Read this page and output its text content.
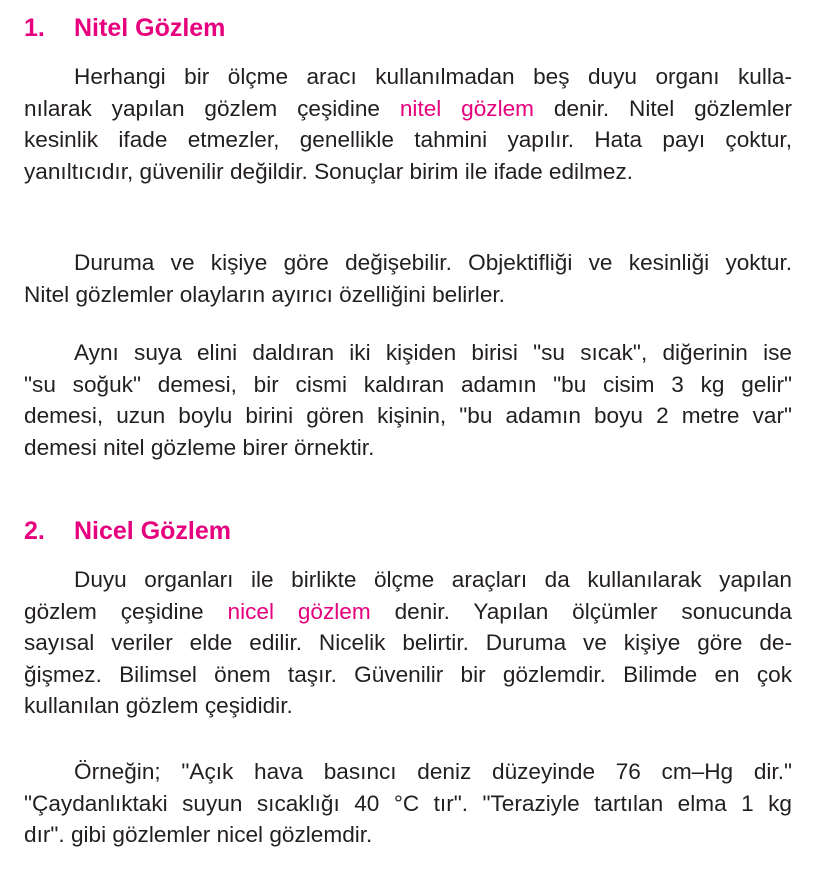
1. Nitel Gözlem
Herhangi bir ölçme aracı kullanılmadan beş duyu organı kulla-
nılarak yapılan gözlem çeşidine nitel gözlem denir. Nitel gözlemler
kesinlik ifade etmezler, genellikle tahmini yapılır. Hata payı çoktur,
yanıltıcıdır, güvenilir değildir. Sonuçlar birim ile ifade edilmez.
Duruma ve kişiye göre değişebilir. Objektifliği ve kesinliği yoktur.
Nitel gözlemler olayların ayırıcı özelliğini belirler.
Aynı suya elini daldıran iki kişiden birisi "su sıcak", diğerinin ise
"su soğuk" demesi, bir cismi kaldıran adamın "bu cisim 3 kg gelir"
demesi, uzun boylu birini gören kişinin, "bu adamın boyu 2 metre var"
demesi nitel gözleme birer örnektir.
2. Nicel Gözlem
Duyu organları ile birlikte ölçme araçları da kullanılarak yapılan
gözlem çeşidine nicel gözlem denir. Yapılan ölçümler sonucunda
sayısal veriler elde edilir. Nicelik belirtir. Duruma ve kişiye göre de-
ğişmez. Bilimsel önem taşır. Güvenilir bir gözlemdir. Bilimde en çok
kullanılan gözlem çeşididir.
Örneğin; "Açık hava basıncı deniz düzeyinde 76 cm–Hg dir."
"Çaydanlıktaki suyun sıcaklığı 40 °C tır". "Teraziyle tartılan elma 1 kg
dır". gibi gözlemler nicel gözlemdir.
